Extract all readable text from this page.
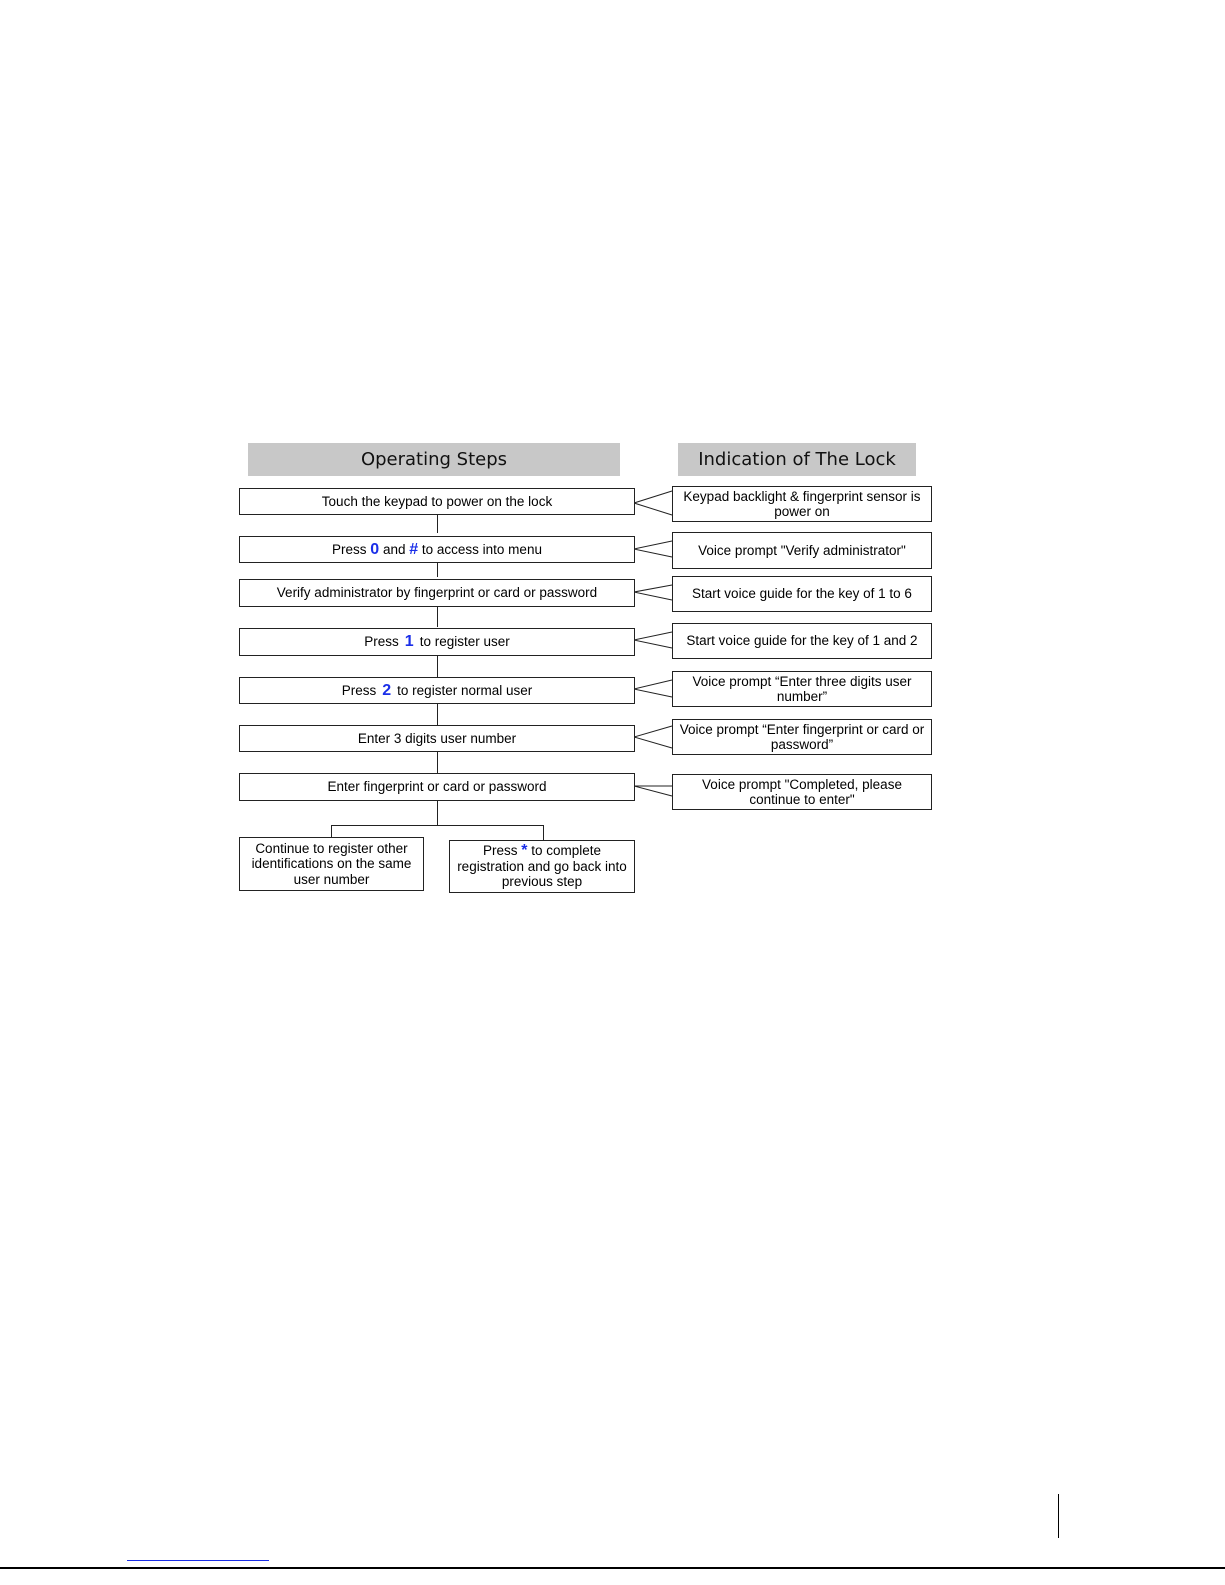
Operating Steps	Indication of The Lock
Touch the keypad to power on the lock
Press 0 and # to access into menu
Verify administrator by fingerprint or card or password
Press 1 to register user
Press 2 to register normal user
Enter 3 digits user number
Enter fingerprint or card or password
Keypad backlight & fingerprint sensor is
power on
Voice prompt "Verify administrator"
Start voice guide for the key of 1 to 6
Start voice guide for the key of 1 and 2
Voice prompt “Enter three digits user
number”
Voice prompt “Enter fingerprint or card or
password”
Voice prompt "Completed, please
continue to enter"
Continue to register other
identifications on the same
user number
Press * to complete
registration and go back into
previous step
